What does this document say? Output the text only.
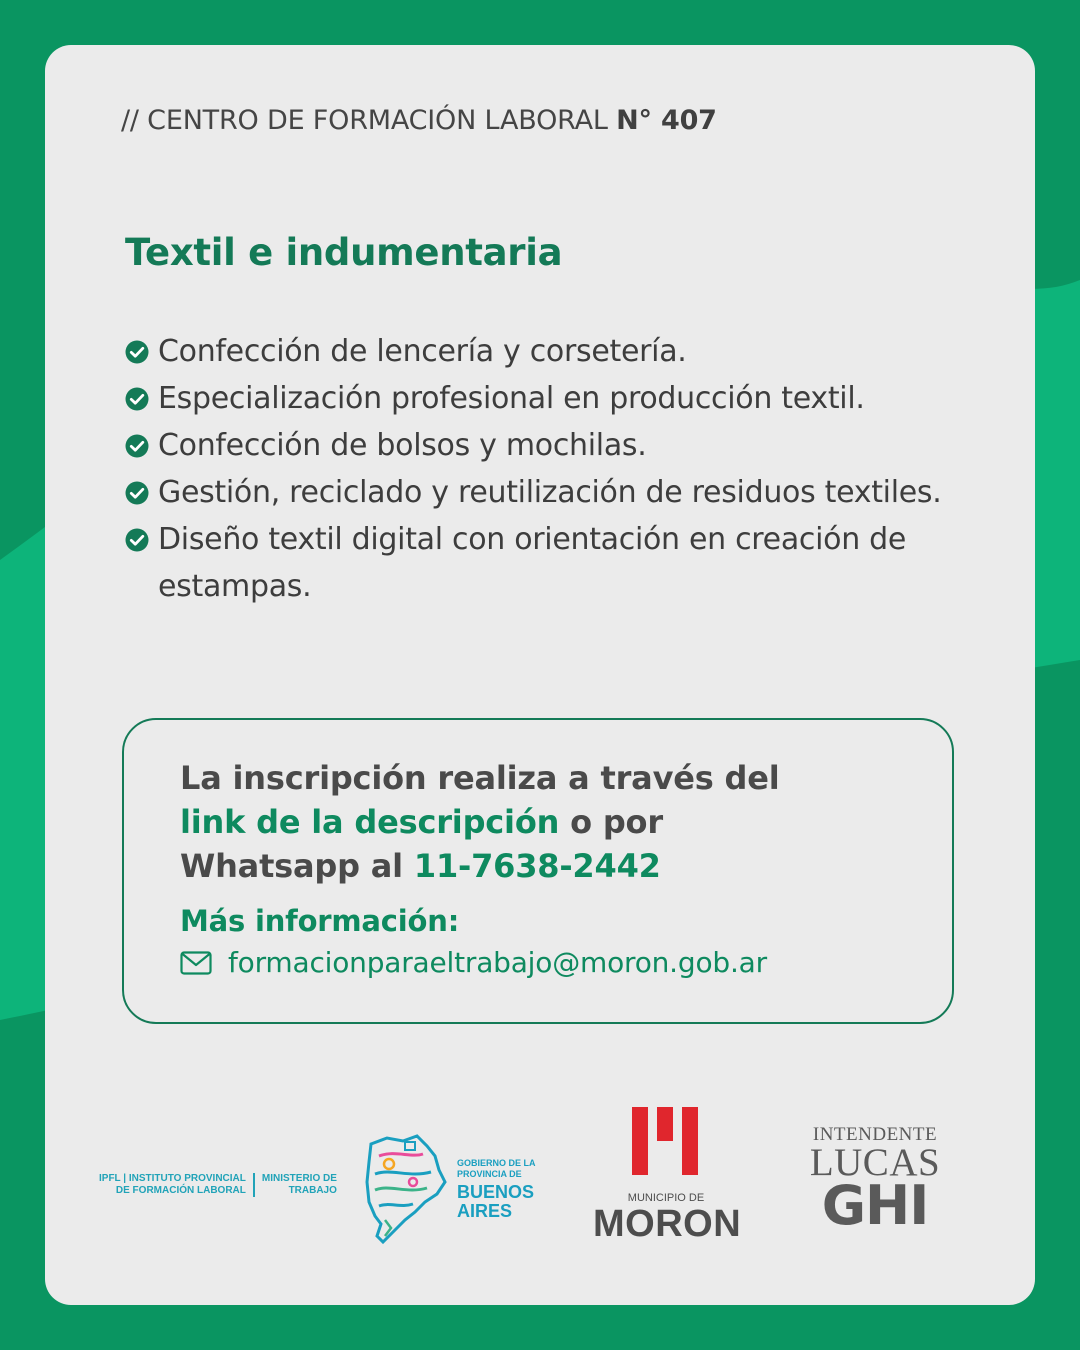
// CENTRO DE FORMACIÓN LABORAL N° 407
Textil e indumentaria
Confección de lencería y corsetería.
Especialización profesional en producción textil.
Confección de bolsos y mochilas.
Gestión, reciclado y reutilización de residuos textiles.
Diseño textil digital con orientación en creación de estampas.
La inscripción realiza a través del link de la descripción o por Whatsapp al 11-7638-2442
Más información:
formacionparaeltrabajo@moron.gob.ar
IPFL | INSTITUTO PROVINCIAL
DE FORMACIÓN LABORAL
MINISTERIO DE
TRABAJO
GOBIERNO DE LA
PROVINCIA DE
BUENOS
AIRES
MUNICIPIO DE
MORON
INTENDENTE
LUCAS
GHI
